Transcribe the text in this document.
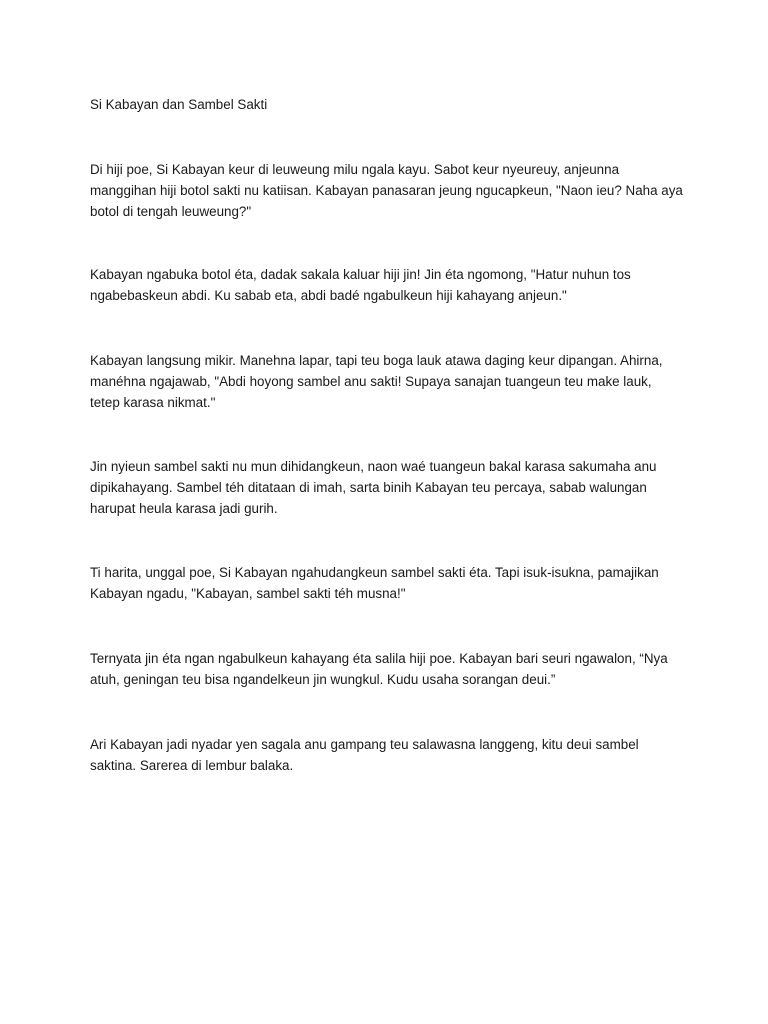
Si Kabayan dan Sambel Sakti

Di hiji poe, Si Kabayan keur di leuweung milu ngala kayu. Sabot keur nyeureuy, anjeunna manggihan hiji botol sakti nu katiisan. Kabayan panasaran jeung ngucapkeun, "Naon ieu? Naha aya botol di tengah leuweung?"

Kabayan ngabuka botol éta, dadak sakala kaluar hiji jin! Jin éta ngomong, "Hatur nuhun tos ngabebaskeun abdi. Ku sabab eta, abdi badé ngabulkeun hiji kahayang anjeun."

Kabayan langsung mikir. Manehna lapar, tapi teu boga lauk atawa daging keur dipangan. Ahirna, manéhna ngajawab, "Abdi hoyong sambel anu sakti! Supaya sanajan tuangeun teu make lauk, tetep karasa nikmat."

Jin nyieun sambel sakti nu mun dihidangkeun, naon waé tuangeun bakal karasa sakumaha anu dipikahayang. Sambel téh ditataan di imah, sarta binih Kabayan teu percaya, sabab walungan harupat heula karasa jadi gurih.

Ti harita, unggal poe, Si Kabayan ngahudangkeun sambel sakti éta. Tapi isuk-isukna, pamajikan Kabayan ngadu, "Kabayan, sambel sakti téh musna!"

Ternyata jin éta ngan ngabulkeun kahayang éta salila hiji poe. Kabayan bari seuri ngawalon, “Nya atuh, geningan teu bisa ngandelkeun jin wungkul. Kudu usaha sorangan deui.”

Ari Kabayan jadi nyadar yen sagala anu gampang teu salawasna langgeng, kitu deui sambel saktina. Sarerea di lembur balaka.
